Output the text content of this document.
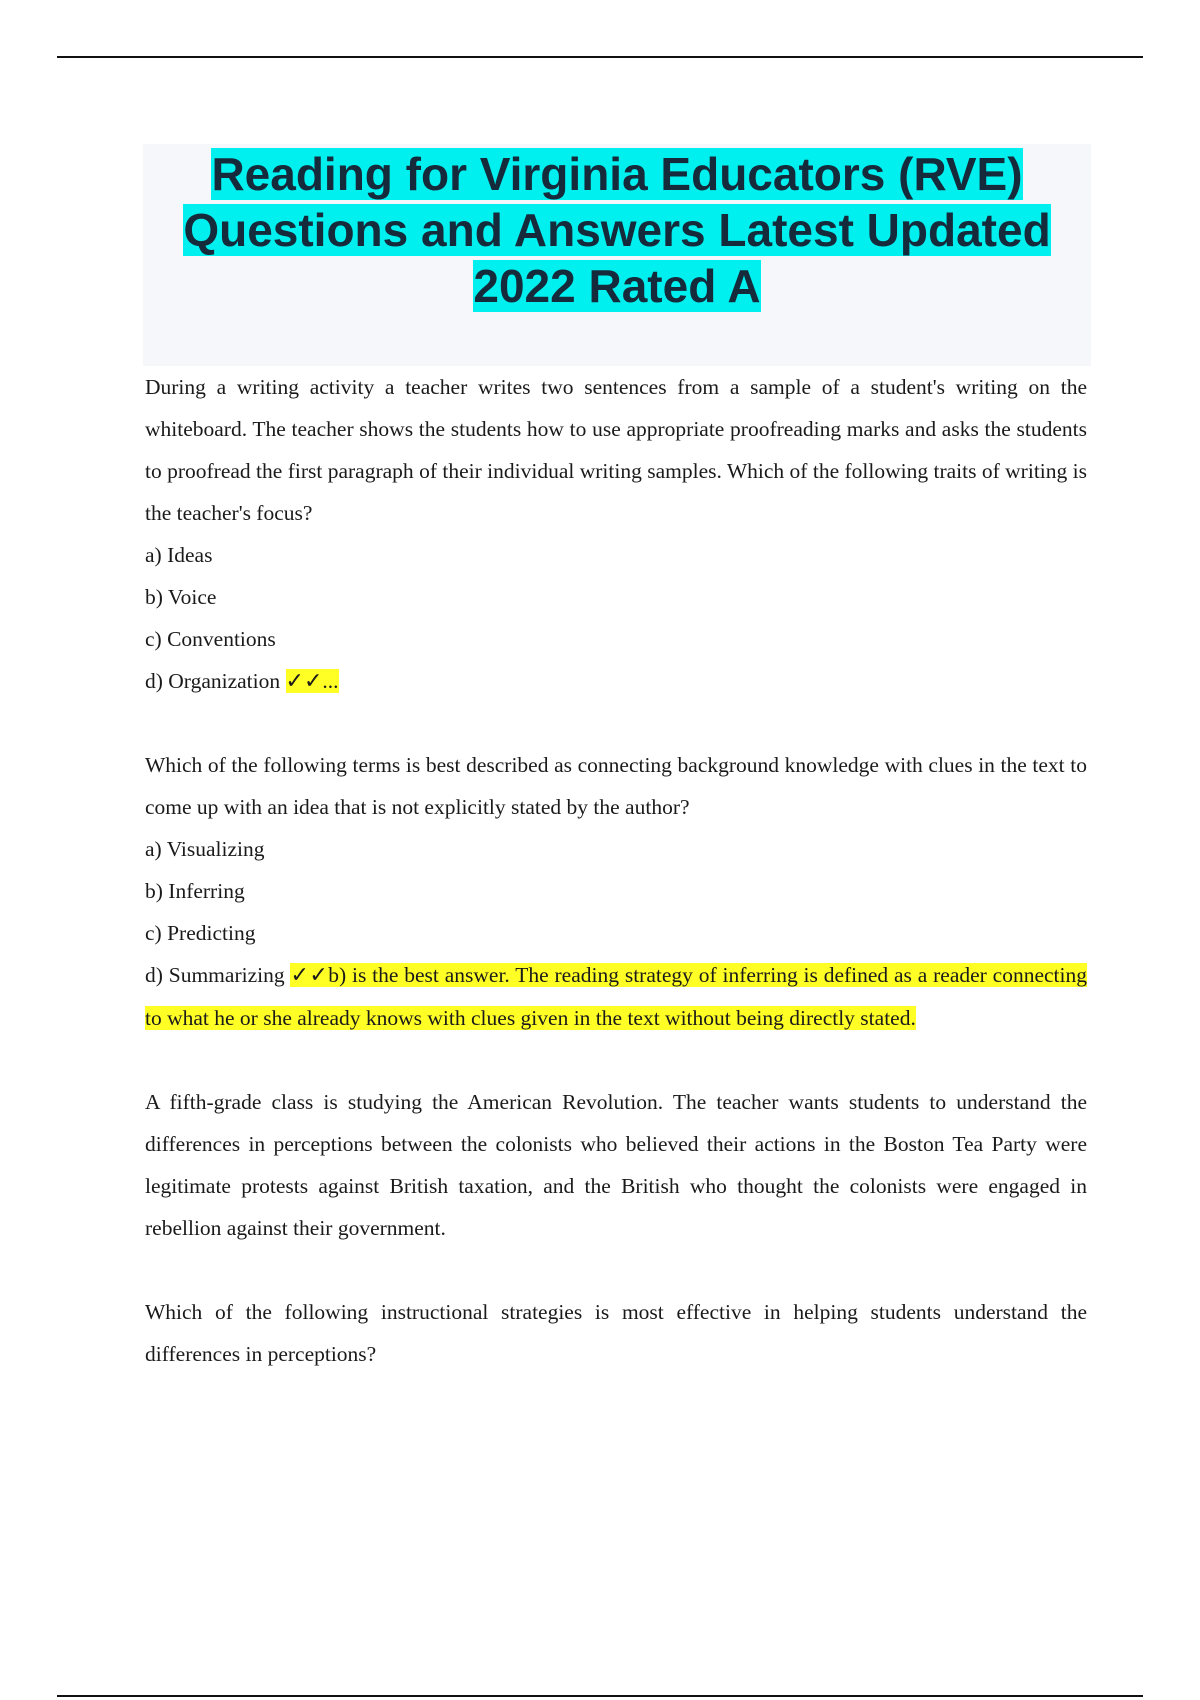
Reading for Virginia Educators (RVE)
Questions and Answers Latest Updated
2022 Rated A

During a writing activity a teacher writes two sentences from a sample of a student's writing on the whiteboard. The teacher shows the students how to use appropriate proofreading marks and asks the students to proofread the first paragraph of their individual writing samples. Which of the following traits of writing is the teacher's focus?

a) Ideas

b) Voice

c) Conventions

d) Organization ✓✓...

Which of the following terms is best described as connecting background knowledge with clues in the text to come up with an idea that is not explicitly stated by the author?

a) Visualizing

b) Inferring

c) Predicting

d) Summarizing ✓✓b) is the best answer. The reading strategy of inferring is defined as a reader connecting to what he or she already knows with clues given in the text without being directly stated.

A fifth-grade class is studying the American Revolution. The teacher wants students to understand the differences in perceptions between the colonists who believed their actions in the Boston Tea Party were legitimate protests against British taxation, and the British who thought the colonists were engaged in rebellion against their government.

Which of the following instructional strategies is most effective in helping students understand the differences in perceptions?
